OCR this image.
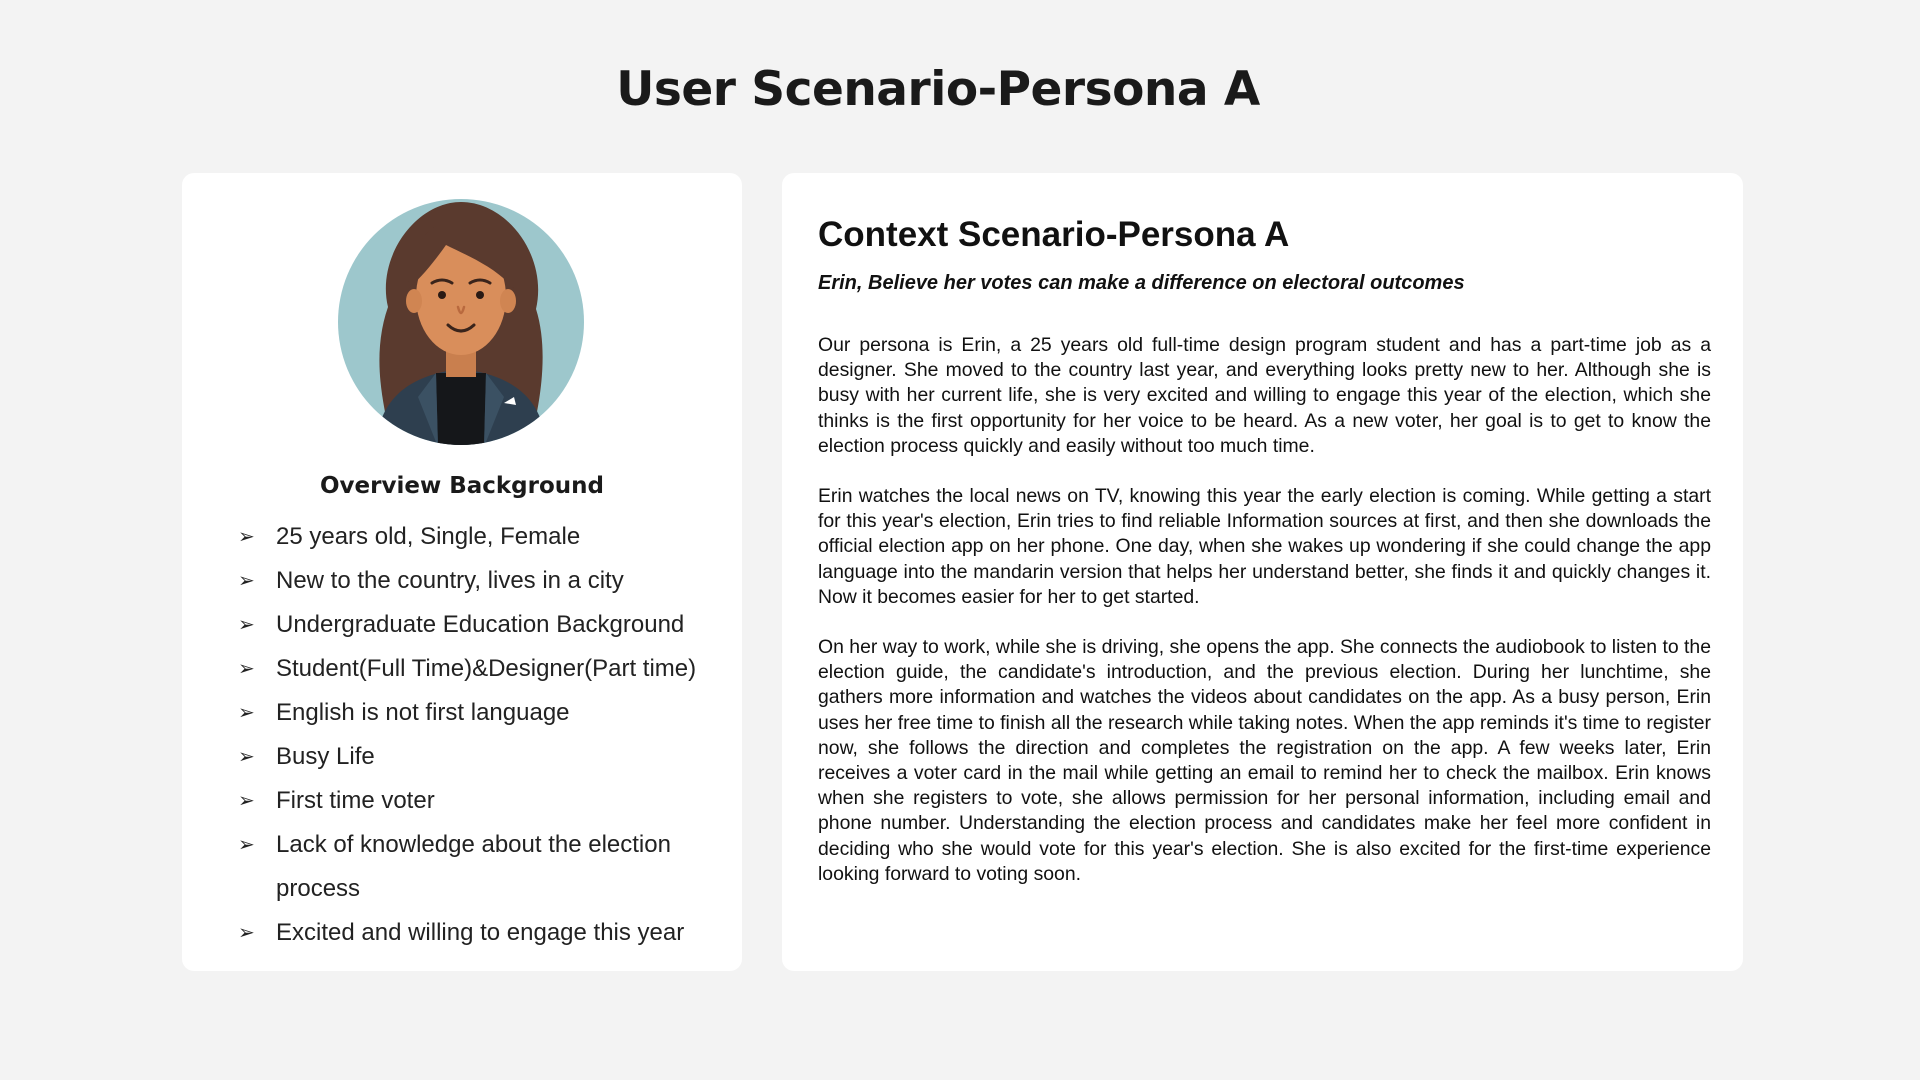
User Scenario-Persona A
Overview Background
➢ 25 years old, Single, Female
➢ New to the country, lives in a city
➢ Undergraduate Education Background
➢ Student(Full Time)&Designer(Part time)
➢ English is not first language
➢ Busy Life
➢ First time voter
➢ Lack of knowledge about the election process
➢ Excited and willing to engage this year
Context Scenario-Persona A

Erin, Believe her votes can make a difference on electoral outcomes

Our persona is Erin, a 25 years old full-time design program student and has a part-time job as a designer. She moved to the country last year, and everything looks pretty new to her. Although she is busy with her current life, she is very excited and willing to engage this year of the election, which she thinks is the first opportunity for her voice to be heard. As a new voter, her goal is to get to know the election process quickly and easily without too much time.

Erin watches the local news on TV, knowing this year the early election is coming. While getting a start for this year's election, Erin tries to find reliable Information sources at first, and then she downloads the official election app on her phone. One day, when she wakes up wondering if she could change the app language into the mandarin version that helps her understand better, she finds it and quickly changes it. Now it becomes easier for her to get started.

On her way to work, while she is driving, she opens the app. She connects the audiobook to listen to the election guide, the candidate's introduction, and the previous election. During her lunchtime, she gathers more information and watches the videos about candidates on the app. As a busy person, Erin uses her free time to finish all the research while taking notes. When the app reminds it's time to register now, she follows the direction and completes the registration on the app. A few weeks later, Erin receives a voter card in the mail while getting an email to remind her to check the mailbox. Erin knows when she registers to vote, she allows permission for her personal information, including email and phone number. Understanding the election process and candidates make her feel more confident in deciding who she would vote for this year's election. She is also excited for the first-time experience looking forward to voting soon.
